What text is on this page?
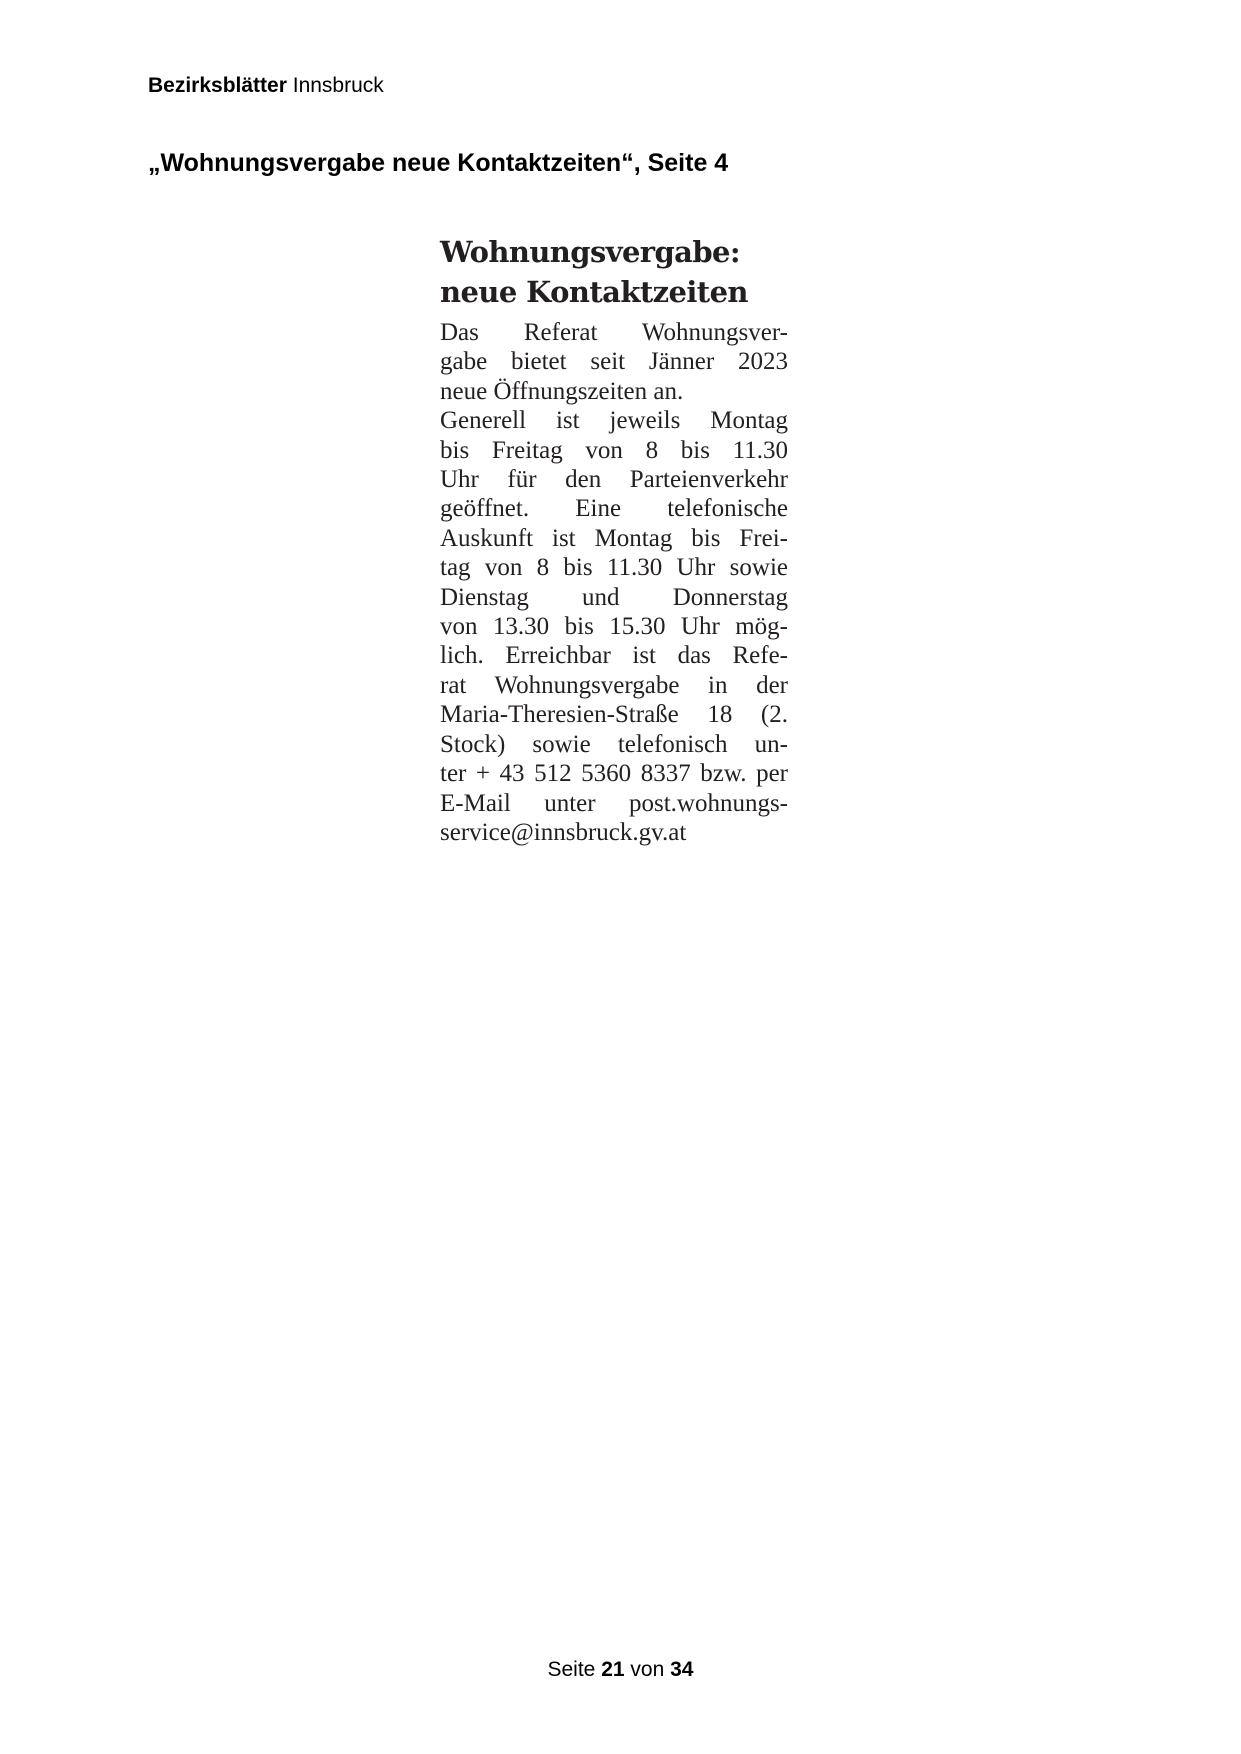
Bezirksblätter Innsbruck
„Wohnungsvergabe neue Kontaktzeiten“, Seite 4
Wohnungsvergabe:
neue Kontaktzeiten
Das Referat Wohnungsver-
gabe bietet seit Jänner 2023
neue Öffnungszeiten an.
Generell ist jeweils Montag
bis Freitag von 8 bis 11.30
Uhr für den Parteienverkehr
geöffnet. Eine telefonische
Auskunft ist Montag bis Frei-
tag von 8 bis 11.30 Uhr sowie
Dienstag und Donnerstag
von 13.30 bis 15.30 Uhr mög-
lich. Erreichbar ist das Refe-
rat Wohnungsvergabe in der
Maria-Theresien-Straße 18 (2.
Stock) sowie telefonisch un-
ter + 43 512 5360 8337 bzw. per
E-Mail unter post.wohnungs-
service@innsbruck.gv.at
Seite 21 von 34
